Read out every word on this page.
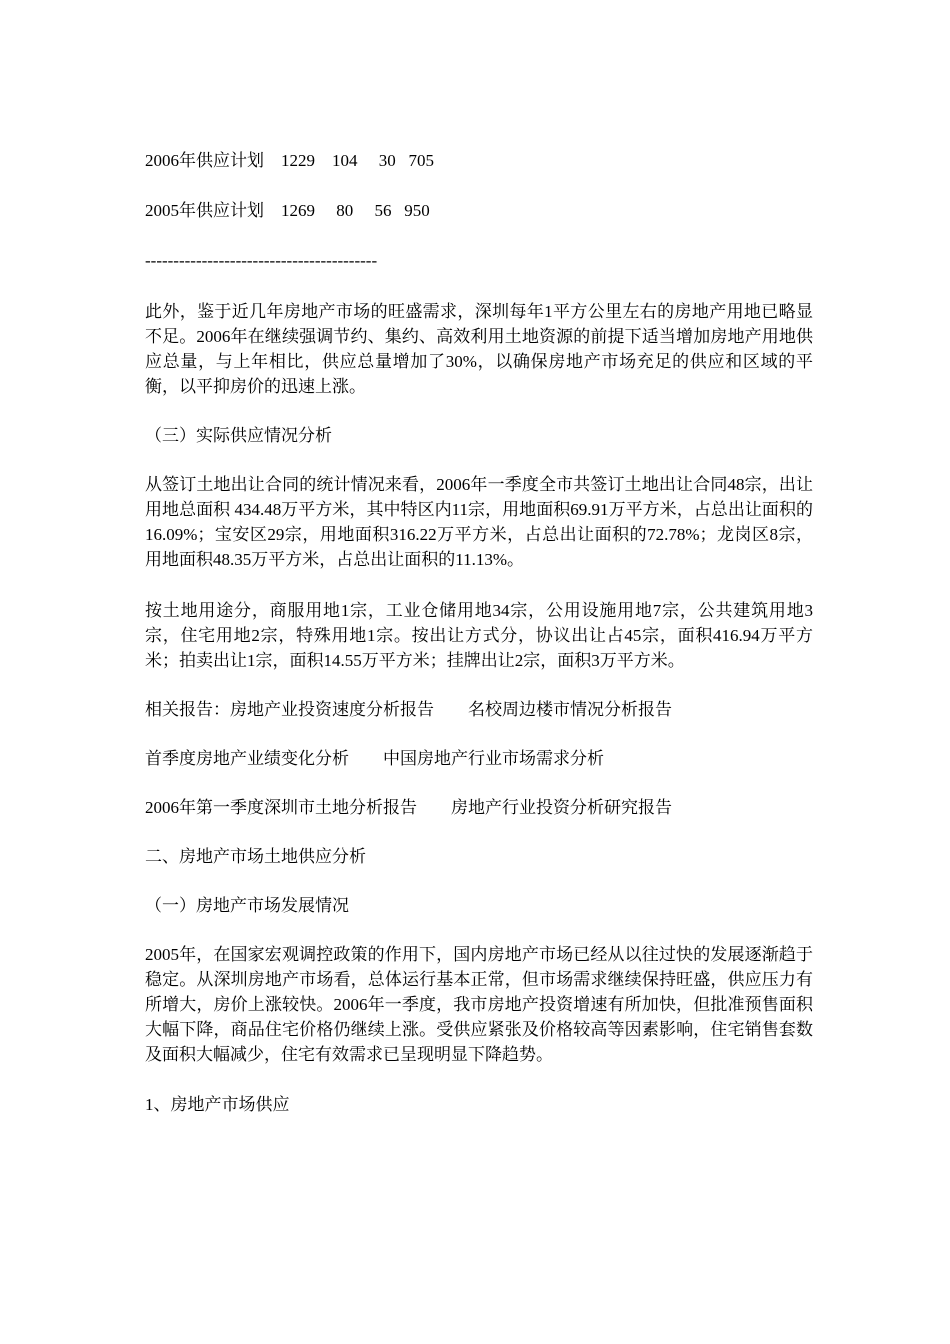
2006年供应计划    1229    104     30   705

2005年供应计划    1269     80     56   950

-----------------------------------------

此外，鉴于近几年房地产市场的旺盛需求，深圳每年1平方公里左右的房地产用地已略显不足。2006年在继续强调节约、集约、高效利用土地资源的前提下适当增加房地产用地供应总量，与上年相比，供应总量增加了30%，以确保房地产市场充足的供应和区域的平衡，以平抑房价的迅速上涨。

（三）实际供应情况分析

从签订土地出让合同的统计情况来看，2006年一季度全市共签订土地出让合同48宗，出让用地总面积 434.48万平方米，其中特区内11宗，用地面积69.91万平方米，占总出让面积的16.09%；宝安区29宗，用地面积316.22万平方米，占总出让面积的72.78%；龙岗区8宗，用地面积48.35万平方米，占总出让面积的11.13%。

按土地用途分，商服用地1宗，工业仓储用地34宗，公用设施用地7宗，公共建筑用地3宗，住宅用地2宗，特殊用地1宗。按出让方式分，协议出让占45宗，面积416.94万平方米；拍卖出让1宗，面积14.55万平方米；挂牌出让2宗，面积3万平方米。

相关报告：房地产业投资速度分析报告        名校周边楼市情况分析报告

首季度房地产业绩变化分析        中国房地产行业市场需求分析

2006年第一季度深圳市土地分析报告        房地产行业投资分析研究报告

二、房地产市场土地供应分析

（一）房地产市场发展情况

2005年，在国家宏观调控政策的作用下，国内房地产市场已经从以往过快的发展逐渐趋于稳定。从深圳房地产市场看，总体运行基本正常，但市场需求继续保持旺盛，供应压力有所增大，房价上涨较快。2006年一季度，我市房地产投资增速有所加快，但批准预售面积大幅下降，商品住宅价格仍继续上涨。受供应紧张及价格较高等因素影响，住宅销售套数及面积大幅减少，住宅有效需求已呈现明显下降趋势。

1、房地产市场供应
